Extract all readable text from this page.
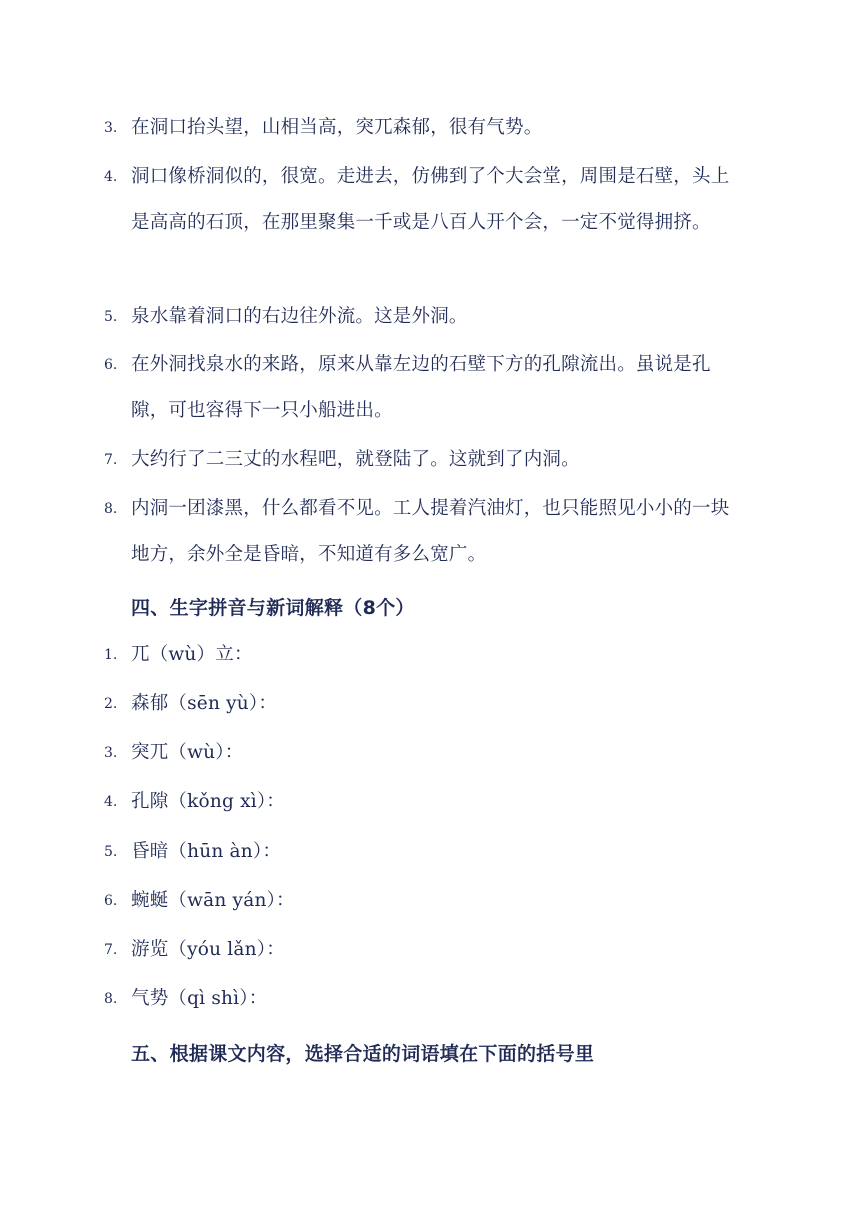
3. 在洞口抬头望，山相当高，突兀森郁，很有气势。
4. 洞口像桥洞似的，很宽。走进去，仿佛到了个大会堂，周围是石壁，头上是高高的石顶，在那里聚集一千或是八百人开个会，一定不觉得拥挤。
5. 泉水靠着洞口的右边往外流。这是外洞。
6. 在外洞找泉水的来路，原来从靠左边的石壁下方的孔隙流出。虽说是孔隙，可也容得下一只小船进出。
7. 大约行了二三丈的水程吧，就登陆了。这就到了内洞。
8. 内洞一团漆黑，什么都看不见。工人提着汽油灯，也只能照见小小的一块地方，余外全是昏暗，不知道有多么宽广。
四、生字拼音与新词解释（8个）
1. 兀（wù）立：
2. 森郁（sēn yù）：
3. 突兀（wù）：
4. 孔隙（kǒng xì）：
5. 昏暗（hūn àn）：
6. 蜿蜒（wān yán）：
7. 游览（yóu lǎn）：
8. 气势（qì shì）：
五、根据课文内容，选择合适的词语填在下面的括号里
